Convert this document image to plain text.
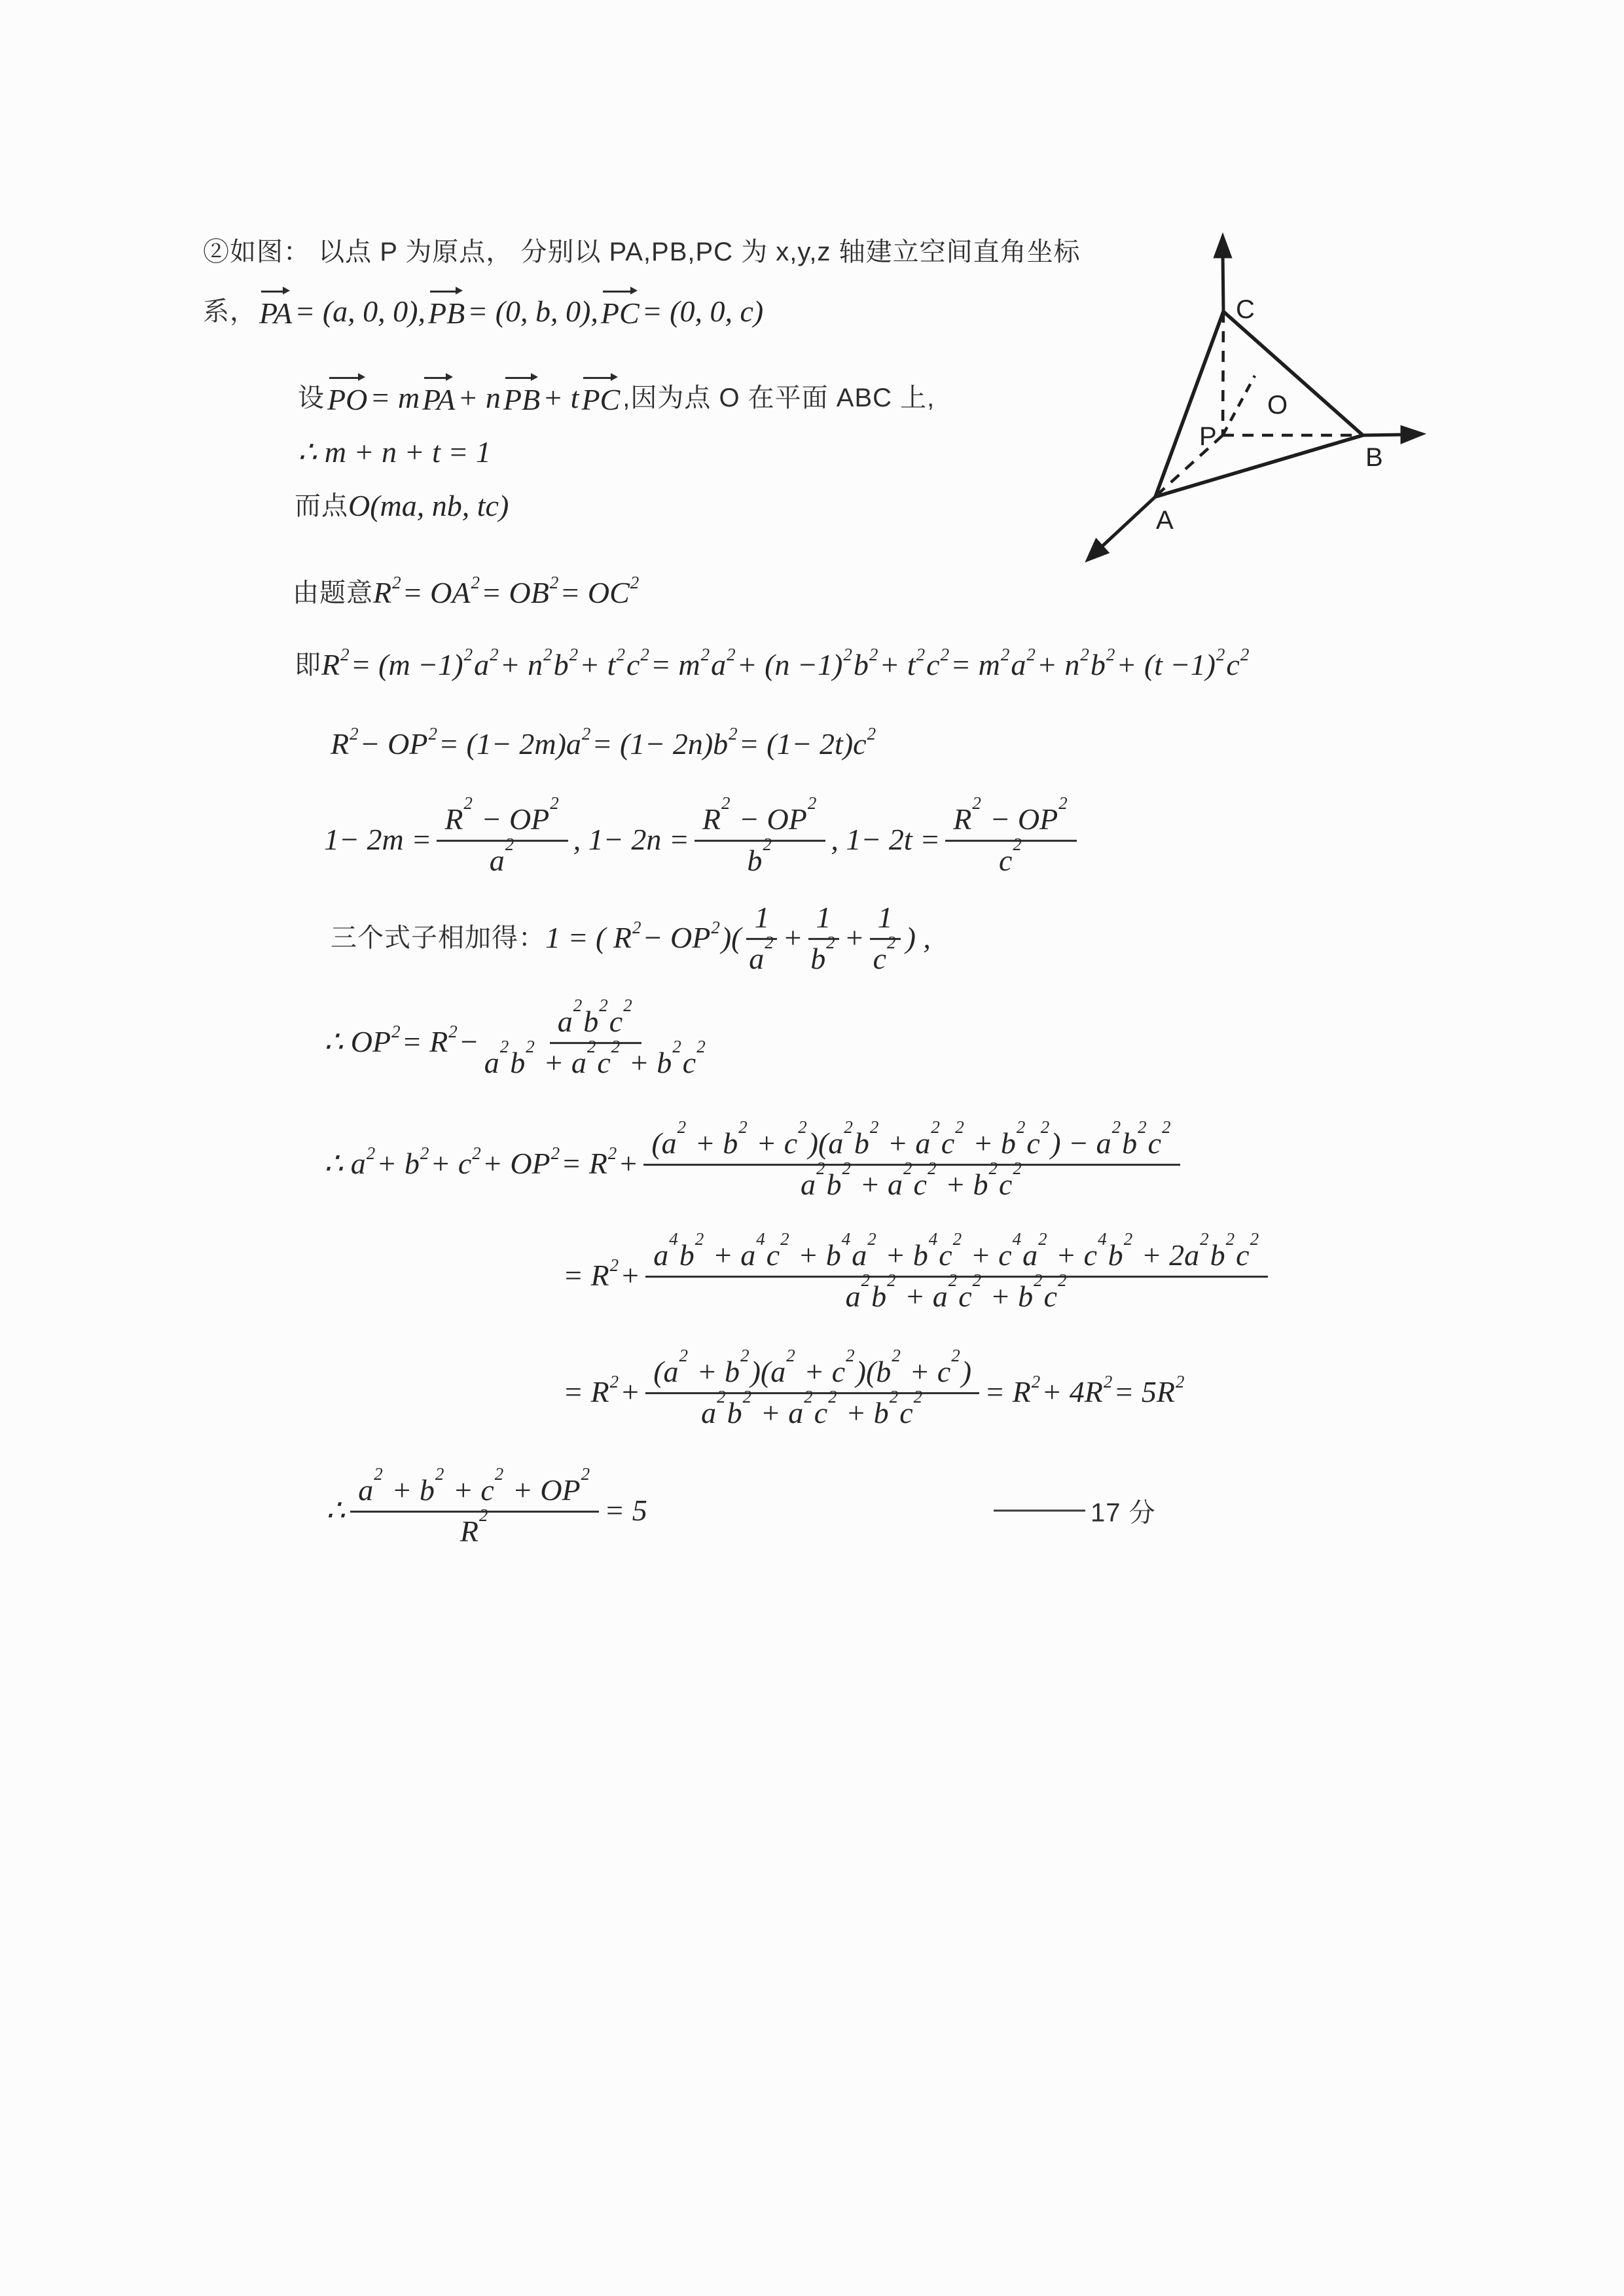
②如图： 以点 P 为原点， 分别以 PA,PB,PC 为 x,y,z 轴建立空间直角坐标
系， PA = (a, 0, 0), PB = (0, b, 0), PC = (0, 0, c)
设 PO = m PA + n PB + t PC ,因为点 O 在平面 ABC 上,
∴ m + n + t = 1
而点 O(ma, nb, tc)
由题意 R 2 = OA 2 = OB 2 = OC 2
即 R 2 = (m −1) 2 a 2 + n 2 b 2 + t 2 c 2 = m 2 a 2 + (n −1) 2 b 2 + t 2 c 2 = m 2 a 2 + n 2 b 2 + (t −1) 2 c 2
R 2 − OP 2 = (1− 2m)a 2 = (1− 2n)b 2 = (1− 2t)c 2
$1- 2m = \frac{R^2 - OP^2}{a^2}$ , $1- 2n = \frac{R^2 - OP^2}{b^2}$ , $1- 2t = \frac{R^2 - OP^2}{c^2}$
三个式子相加得： 1 = ( R 2 − OP 2 )( $\frac{1}{a^2} + \frac{1}{b^2} + \frac{1}{c^2}$ ) ,
∴ OP 2 = R $2 - \frac{a^2b^2c^2}{a^2b^2 + a^2c^2 + b^2c^2}$
∴ a 2 + b 2 + c 2 + OP 2 = R $2 + \frac{(a^2 + b^2 + c^2)(a^2b^2 + a^2c^2 + b^2c^2) - a^2b^2c^2}{a^2b^2 + a^2c^2 + b^2c^2}$
= R $2 + \frac{a^4b^2 + a^4c^2 + b^4a^2 + b^4c^2 + c^4a^2 + c^4b^2 + 2a^2b^2c^2}{a^2b^2 + a^2c^2 + b^2c^2}$
= R $2 + \frac{(a^2 + b^2)(a^2 + c^2)(b^2 + c^2)}{a^2b^2 + a^2c^2 + b^2c^2} = R$ 2 + 4R 2 = 5R 2
∴ $\frac{a^2 + b^2 + c^2 + OP^2}{R^2} = 5$	17 分
C
B
A
P
O
